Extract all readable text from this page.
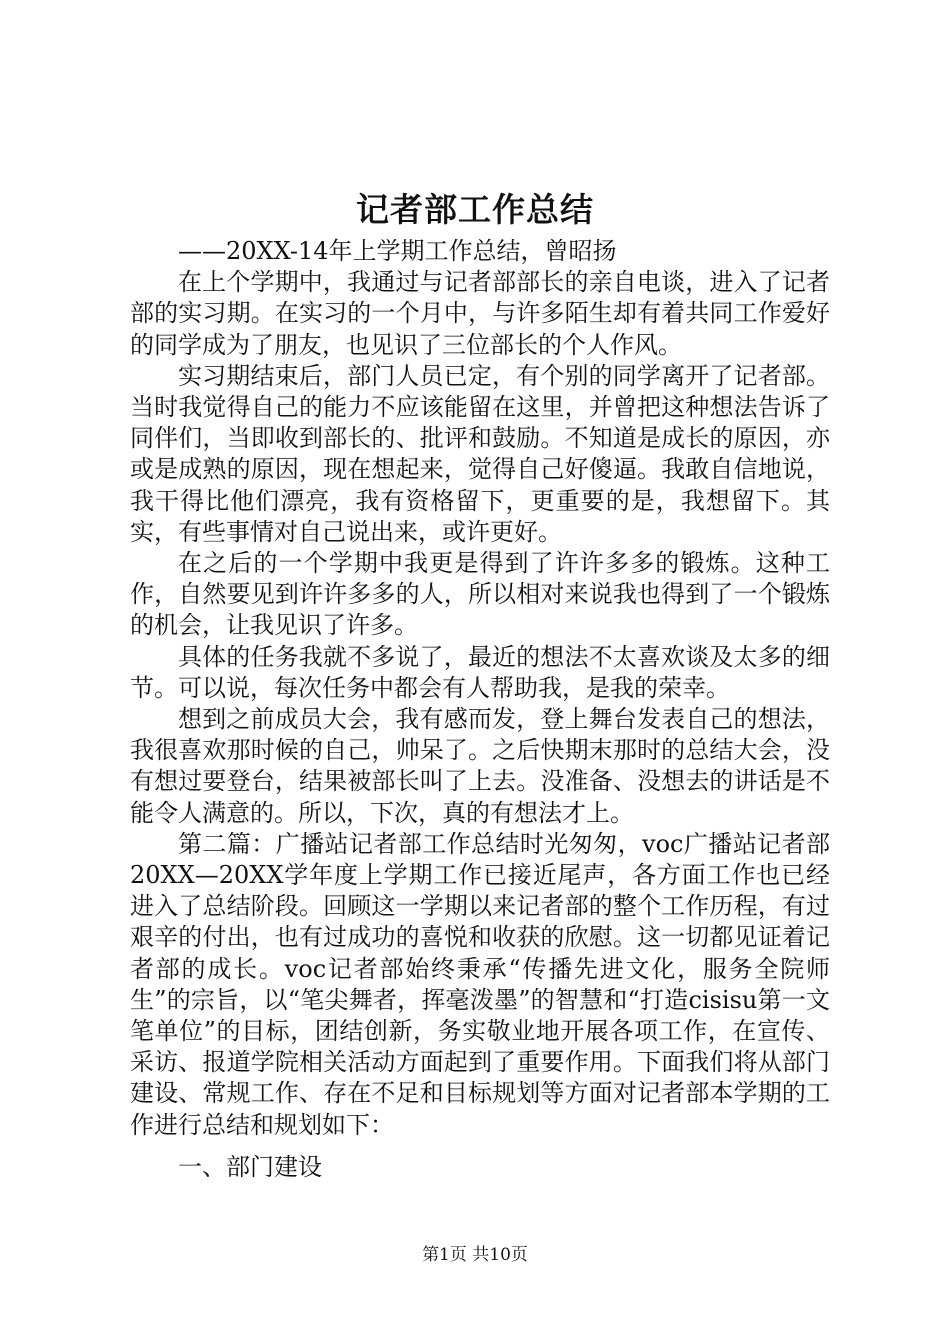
记者部工作总结

——20XX-14年上学期工作总结，曾昭扬

在上个学期中，我通过与记者部部长的亲自电谈，进入了记者部的实习期。在实习的一个月中，与许多陌生却有着共同工作爱好的同学成为了朋友，也见识了三位部长的个人作风。

实习期结束后，部门人员已定，有个别的同学离开了记者部。当时我觉得自己的能力不应该能留在这里，并曾把这种想法告诉了同伴们，当即收到部长的、批评和鼓励。不知道是成长的原因，亦或是成熟的原因，现在想起来，觉得自己好傻逼。我敢自信地说，我干得比他们漂亮，我有资格留下，更重要的是，我想留下。其实，有些事情对自己说出来，或许更好。

在之后的一个学期中我更是得到了许许多多的锻炼。这种工作，自然要见到许许多多的人，所以相对来说我也得到了一个锻炼的机会，让我见识了许多。

具体的任务我就不多说了，最近的想法不太喜欢谈及太多的细节。可以说，每次任务中都会有人帮助我，是我的荣幸。

想到之前成员大会，我有感而发，登上舞台发表自己的想法，我很喜欢那时候的自己，帅呆了。之后快期末那时的总结大会，没有想过要登台，结果被部长叫了上去。没准备、没想去的讲话是不能令人满意的。所以，下次，真的有想法才上。

第二篇：广播站记者部工作总结时光匆匆，voc广播站记者部20XX—20XX学年度上学期工作已接近尾声，各方面工作也已经进入了总结阶段。回顾这一学期以来记者部的整个工作历程，有过艰辛的付出，也有过成功的喜悦和收获的欣慰。这一切都见证着记者部的成长。voc记者部始终秉承“传播先进文化，服务全院师生”的宗旨，以“笔尖舞者，挥毫泼墨”的智慧和“打造cisisu第一文笔单位”的目标，团结创新，务实敬业地开展各项工作，在宣传、采访、报道学院相关活动方面起到了重要作用。下面我们将从部门建设、常规工作、存在不足和目标规划等方面对记者部本学期的工作进行总结和规划如下：

一、部门建设

第1页 共10页
